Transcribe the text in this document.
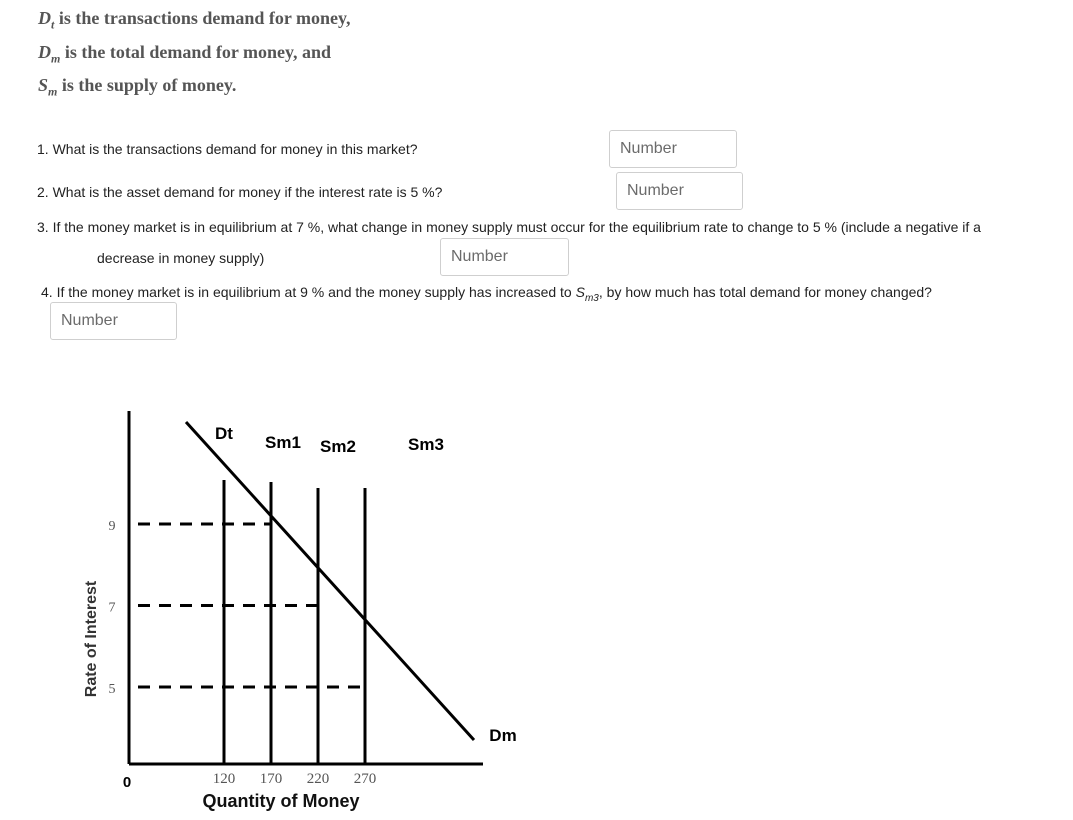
$D_t$ is the transactions demand for money,
$D_m$ is the total demand for money, and
$S_m$ is the supply of money.
1. What is the transactions demand for money in this market?
Number
2. What is the asset demand for money if the interest rate is 5 %?
Number
3. If the money market is in equilibrium at 7 %, what change in money supply must occur for the equilibrium rate to change to 5 % (include a negative if a
decrease in money supply)
Number
4. If the money market is in equilibrium at 9 % and the money supply has increased to $S_{m3}$, by how much has total demand for money changed?
Number
Rate of Interest
0
Quantity of Money
Dt Sm1 Sm2	Sm3
Dm
5
7
9
120 170 220 270
